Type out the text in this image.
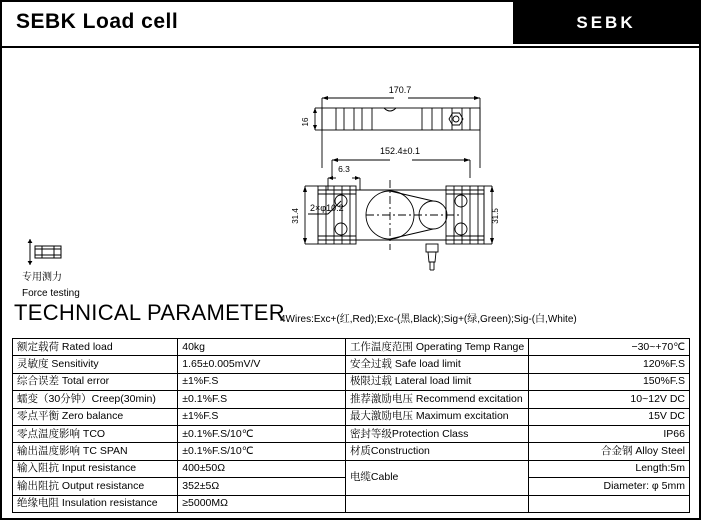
SEBK Load cell	SEBK
专用测力
Force testing
170.7
16
152.4±0.1
6.3
2×φ10.2
31.4	31.5
TECHNICAL PARAMETER
4Wires:Exc+(红,Red);Exc-(黑,Black);Sig+(绿,Green);Sig-(白,White)
额定载荷 Rated load	40kg	工作温度范围 Operating Temp Range	−30~+70℃
灵敏度 Sensitivity	1.65±0.005mV/V	安全过载 Safe load limit	120%F.S
综合误差 Total error	±1%F.S	极限过载 Lateral load limit	150%F.S
蠕变（30分钟）Creep(30min)	±0.1%F.S	推荐激励电压 Recommend excitation	10~12V DC
零点平衡 Zero balance	±1%F.S	最大激励电压 Maximum excitation	15V DC
零点温度影响 TCO	±0.1%F.S/10℃	密封等级Protection Class	IP66
输出温度影响 TC SPAN	±0.1%F.S/10℃	材质Construction	合金钢 Alloy Steel
输入阻抗 Input resistance	400±50Ω	电缆Cable	Length:5m
输出阻抗 Output resistance	352±5Ω		Diameter: φ 5mm
绝缘电阻 Insulation resistance	≥5000MΩ		
